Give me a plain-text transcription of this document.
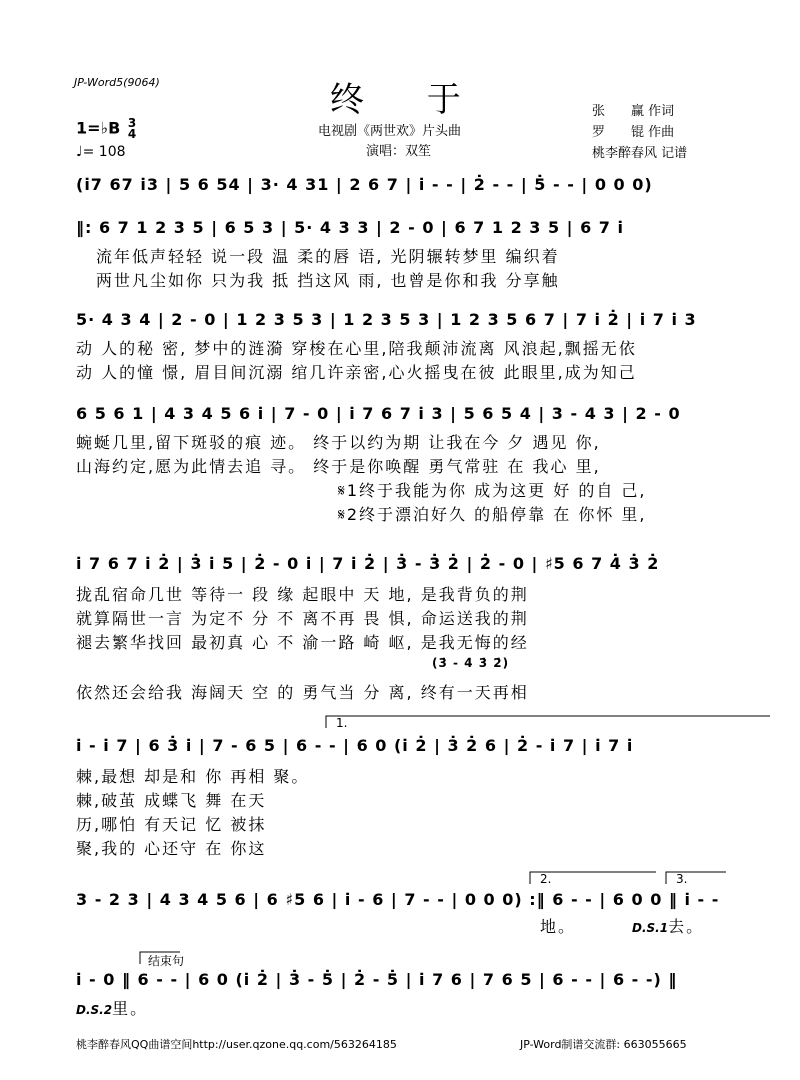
JP-Word5(9064)	终 于
电视剧《两世欢》片头曲
演唱：双笙
张　　赢 作词
罗　　锟 作曲
桃李醉春风 记谱
1=♭B 3
4
♩= 108
(i̇7 67 i̇3 | 5 6 54 | 3· 4 31 | 2 6 7 | i̇ - - | 2̇ - - | 5̇ - - | 0 0 0)
‖: 6 7 1 2 3 5 | 6 5 3 | 5· 4 3 3 | 2 - 0 | 6 7 1 2 3 5 | 6 7 i̇
流年低声轻轻 说一段 温 柔的唇 语, 光阴辗转梦里 编织着
两世凡尘如你 只为我 抵 挡这风 雨, 也曾是你和我 分享触
5· 4 3 4 | 2 - 0 | 1 2 3 5 3 | 1 2 3 5 3 | 1 2 3 5 6 7 | 7 i̇ 2̇ | i̇ 7 i̇ 3
动 人的秘 密, 梦中的涟漪 穿梭在心里,陪我颠沛流离 风浪起,飘摇无依
动 人的憧 憬, 眉目间沉溺 绾几许亲密,心火摇曳在彼 此眼里,成为知己
6 5 6 1 | 4 3 4 5 6 i̇ | 7 - 0 | i̇ 7 6 7 i̇ 3 | 5 6 5 4 | 3 - 4 3 | 2 - 0
蜿蜒几里,留下斑驳的痕 迹。 终于以约为期 让我在今 夕 遇见 你,
山海约定,愿为此情去追 寻。 终于是你唤醒 勇气常驻 在 我心 里,
𝄋1终于我能为你 成为这更 好 的自 己,
𝄋2终于漂泊好久 的船停靠 在 你怀 里,
i̇ 7 6 7 i̇ 2̇ | 3̇ i̇ 5 | 2̇ - 0 i̇ | 7 i̇ 2̇ | 3̇ - 3̇ 2̇ | 2̇ - 0 | ♯5 6 7 4̇ 3̇ 2̇
拢乱宿命几世 等待一 段 缘 起眼中 天 地, 是我背负的荆
就算隔世一言 为定不 分 不 离不再 畏 惧, 命运送我的荆
褪去繁华找回 最初真 心 不 渝一路 崎 岖, 是我无悔的经
(3̇ - 4̇ 3̇ 2̇)
依然还会给我 海阔天 空 的 勇气当 分 离, 终有一天再相
1.
i̇ - i̇ 7 | 6 3̇ i̇ | 7 - 6 5 | 6 - - | 6 0 (i̇ 2̇ | 3̇ 2̇ 6 | 2̇ - i̇ 7 | i̇ 7 i̇
棘,最想 却是和 你 再相 聚。
棘,破茧 成蝶飞 舞 在天
历,哪怕 有天记 忆 被抹
聚,我的 心还守 在 你这
2.	3.
3 - 2 3 | 4 3 4 5 6 | 6 ♯5 6 | i̇ - 6 | 7 - - | 0 0 0) :‖ 6 - - | 6 0 0 ‖ i̇ - -
地。	D.S.1去。
结束句
i̇ - 0 ‖ 6 - - | 6 0 (i̇ 2̇ | 3̇ - 5̇ | 2̇ - 5̇ | i̇ 7 6 | 7 6 5 | 6 - - | 6 - -) ‖
D.S.2里。
桃李醉春风QQ曲谱空间http://user.qzone.qq.com/563264185	JP-Word制谱交流群: 663055665
